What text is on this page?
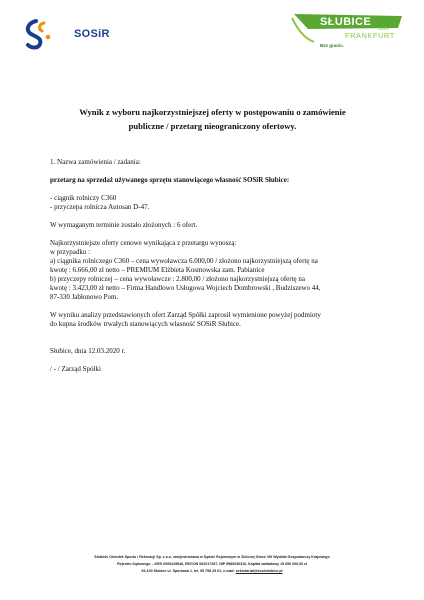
SOSiR
SŁUBICE
ODER
FRANKFURT
Bez granic.
Wynik z wyboru najkorzystniejszej oferty w postępowaniu o zamówienie
publiczne / przetarg nieograniczony ofertowy.

1. Nazwa zamówienia / zadania:

przetarg na sprzedaż używanego sprzętu stanowiącego własność SOSiR Słubice:

- ciągnik rolniczy C360

- przyczepa rolnicza Autosan D-47.

W wymaganym terminie zostało złożonych : 6 ofert.

Najkorzystniejsze oferty cenowe wynikająca z przetargu wynoszą:

w przypadku :

a) ciągnika rolniczego C360 – cena wywoławcza 6.000,00 / złożono najkorzystniejszą ofertę na

kwotę : 6.666,00 zł netto – PREMIUM Elżbieta Kosmowska zam. Pabianice

b) przyczepy rolniczej – cena wywoławcze : 2.800,00 / złożono najkorzystniejszą ofertę na

kwotę : 3.423,00 zł netto – Firma Handlowo Usługowa Wojciech Dombrowski , Budziszewo 44,

87-330 Jabłonowo Pom.

W wyniku analizy przedstawionych ofert Zarząd Spółki zaprosił wymienione powyżej podmioty

do kupna środków trwałych stanowiących własność SOSiR Słubice.

Słubice, dnia 12.03.2020 r.

/ - / Zarząd Spółki

Słubicki Ośrodek Sportu i Rekreacji Sp. z o.o. zarejestrowana w Sądzie Rejonowym w Zielonej Górze VIII Wydział Gospodarczy Krajowego
Rejestru Sądowego – KRS 0000415548, REGON 081017397, NIP 5980036316, Kapitał zakładowy 15 696 000,00 zł
69-100 Słubice ul. Sportowa 1, tel. 95 758 25 61, e-mail: sekretariat@sosirslubice.pl
